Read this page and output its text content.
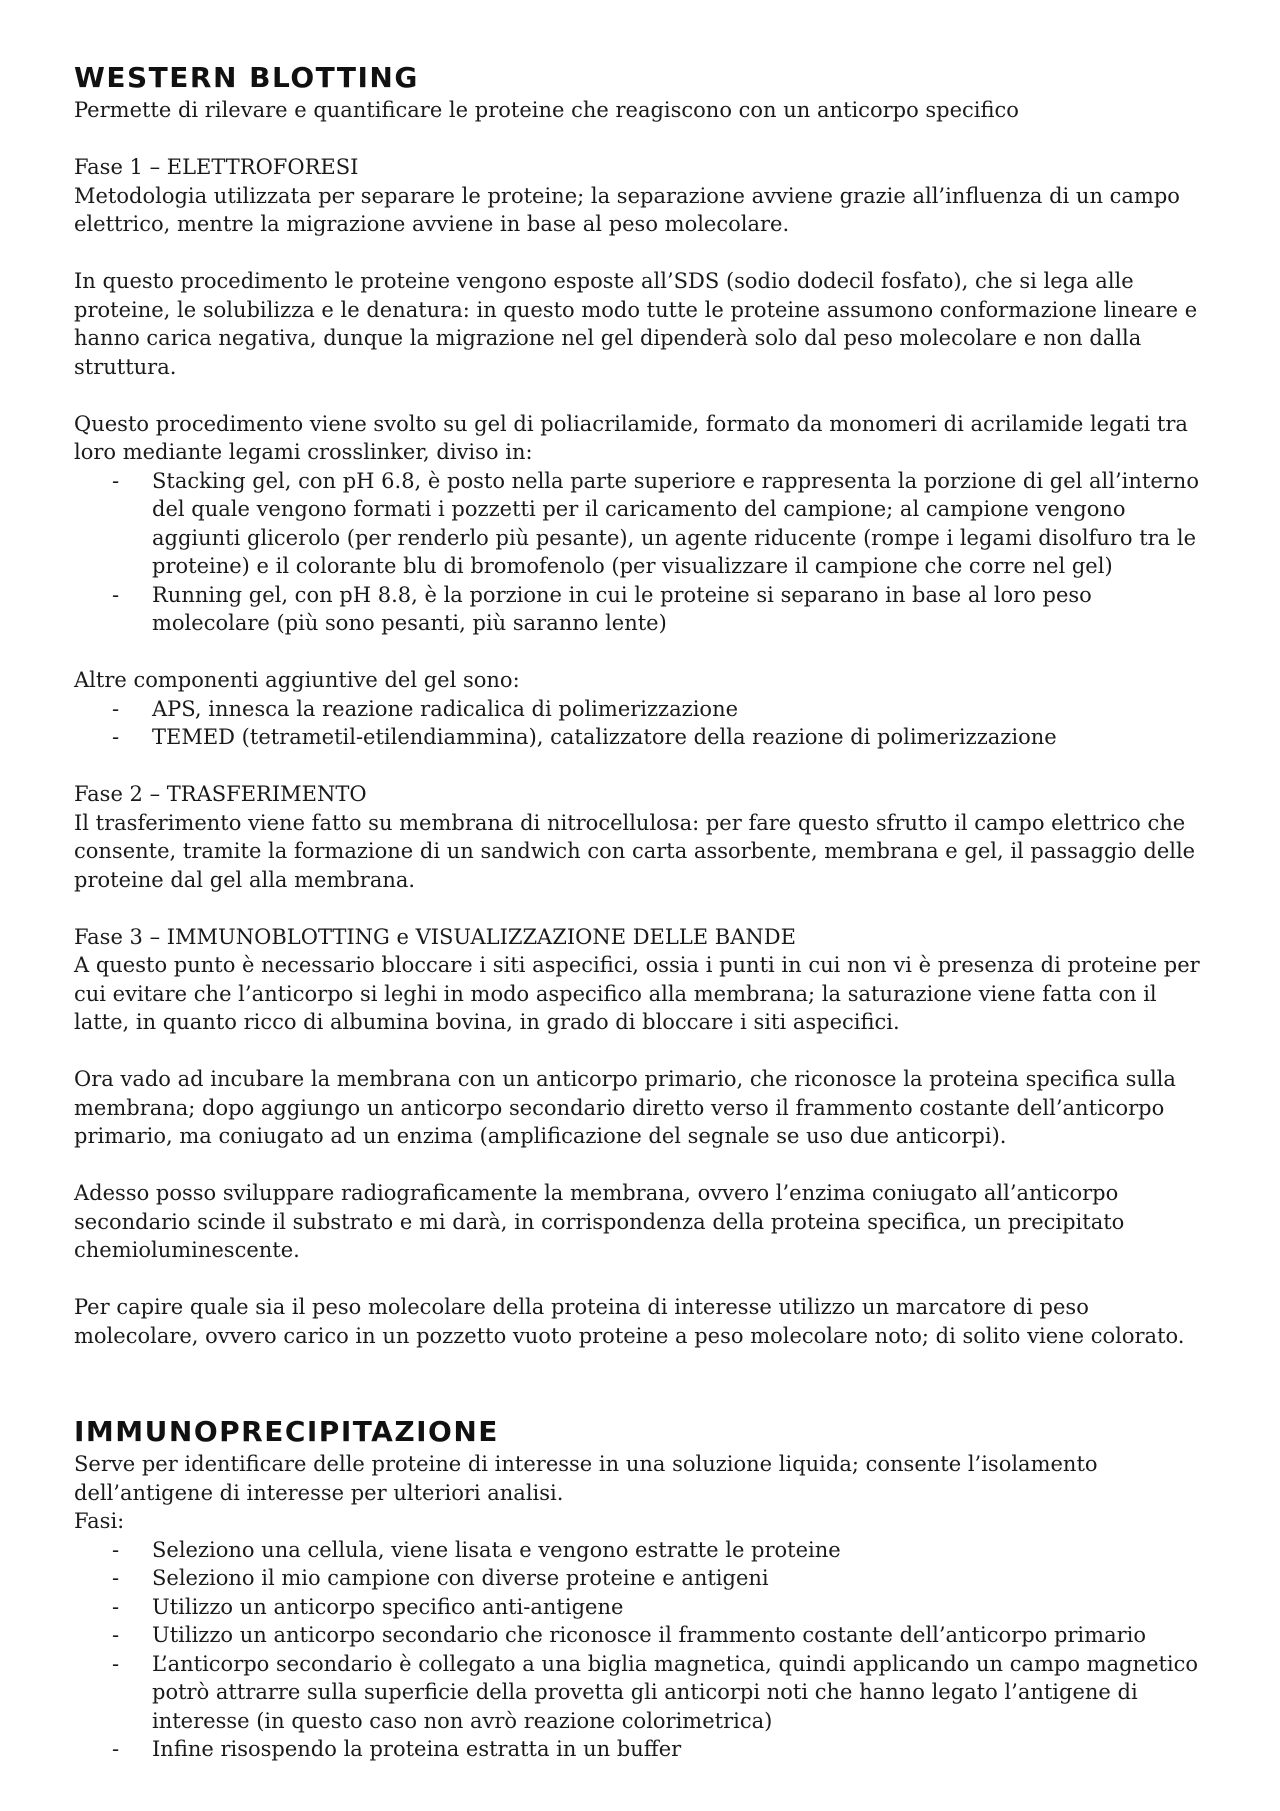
WESTERN BLOTTING

Permette di rilevare e quantificare le proteine che reagiscono con un anticorpo specifico

Fase 1 – ELETTROFORESI

Metodologia utilizzata per separare le proteine; la separazione avviene grazie all’influenza di un campo elettrico, mentre la migrazione avviene in base al peso molecolare.

In questo procedimento le proteine vengono esposte all’SDS (sodio dodecil fosfato), che si lega alle proteine, le solubilizza e le denatura: in questo modo tutte le proteine assumono conformazione lineare e hanno carica negativa, dunque la migrazione nel gel dipenderà solo dal peso molecolare e non dalla struttura.

Questo procedimento viene svolto su gel di poliacrilamide, formato da monomeri di acrilamide legati tra loro mediante legami crosslinker, diviso in:

- Stacking gel, con pH 6.8, è posto nella parte superiore e rappresenta la porzione di gel all’interno del quale vengono formati i pozzetti per il caricamento del campione; al campione vengono aggiunti glicerolo (per renderlo più pesante), un agente riducente (rompe i legami disolfuro tra le proteine) e il colorante blu di bromofenolo (per visualizzare il campione che corre nel gel)
- Running gel, con pH 8.8, è la porzione in cui le proteine si separano in base al loro peso molecolare (più sono pesanti, più saranno lente)

Altre componenti aggiuntive del gel sono:

- APS, innesca la reazione radicalica di polimerizzazione
- TEMED (tetrametil-etilendiammina), catalizzatore della reazione di polimerizzazione

Fase 2 – TRASFERIMENTO

Il trasferimento viene fatto su membrana di nitrocellulosa: per fare questo sfrutto il campo elettrico che consente, tramite la formazione di un sandwich con carta assorbente, membrana e gel, il passaggio delle proteine dal gel alla membrana.

Fase 3 – IMMUNOBLOTTING e VISUALIZZAZIONE DELLE BANDE

A questo punto è necessario bloccare i siti aspecifici, ossia i punti in cui non vi è presenza di proteine per cui evitare che l’anticorpo si leghi in modo aspecifico alla membrana; la saturazione viene fatta con il latte, in quanto ricco di albumina bovina, in grado di bloccare i siti aspecifici.

Ora vado ad incubare la membrana con un anticorpo primario, che riconosce la proteina specifica sulla membrana; dopo aggiungo un anticorpo secondario diretto verso il frammento costante dell’anticorpo primario, ma coniugato ad un enzima (amplificazione del segnale se uso due anticorpi).

Adesso posso sviluppare radiograficamente la membrana, ovvero l’enzima coniugato all’anticorpo secondario scinde il substrato e mi darà, in corrispondenza della proteina specifica, un precipitato chemioluminescente.

Per capire quale sia il peso molecolare della proteina di interesse utilizzo un marcatore di peso molecolare, ovvero carico in un pozzetto vuoto proteine a peso molecolare noto; di solito viene colorato.

IMMUNOPRECIPITAZIONE

Serve per identificare delle proteine di interesse in una soluzione liquida; consente l’isolamento dell’antigene di interesse per ulteriori analisi.

Fasi:

- Seleziono una cellula, viene lisata e vengono estratte le proteine
- Seleziono il mio campione con diverse proteine e antigeni
- Utilizzo un anticorpo specifico anti-antigene
- Utilizzo un anticorpo secondario che riconosce il frammento costante dell’anticorpo primario
- L’anticorpo secondario è collegato a una biglia magnetica, quindi applicando un campo magnetico potrò attrarre sulla superficie della provetta gli anticorpi noti che hanno legato l’antigene di interesse (in questo caso non avrò reazione colorimetrica)
- Infine risospendo la proteina estratta in un buffer
